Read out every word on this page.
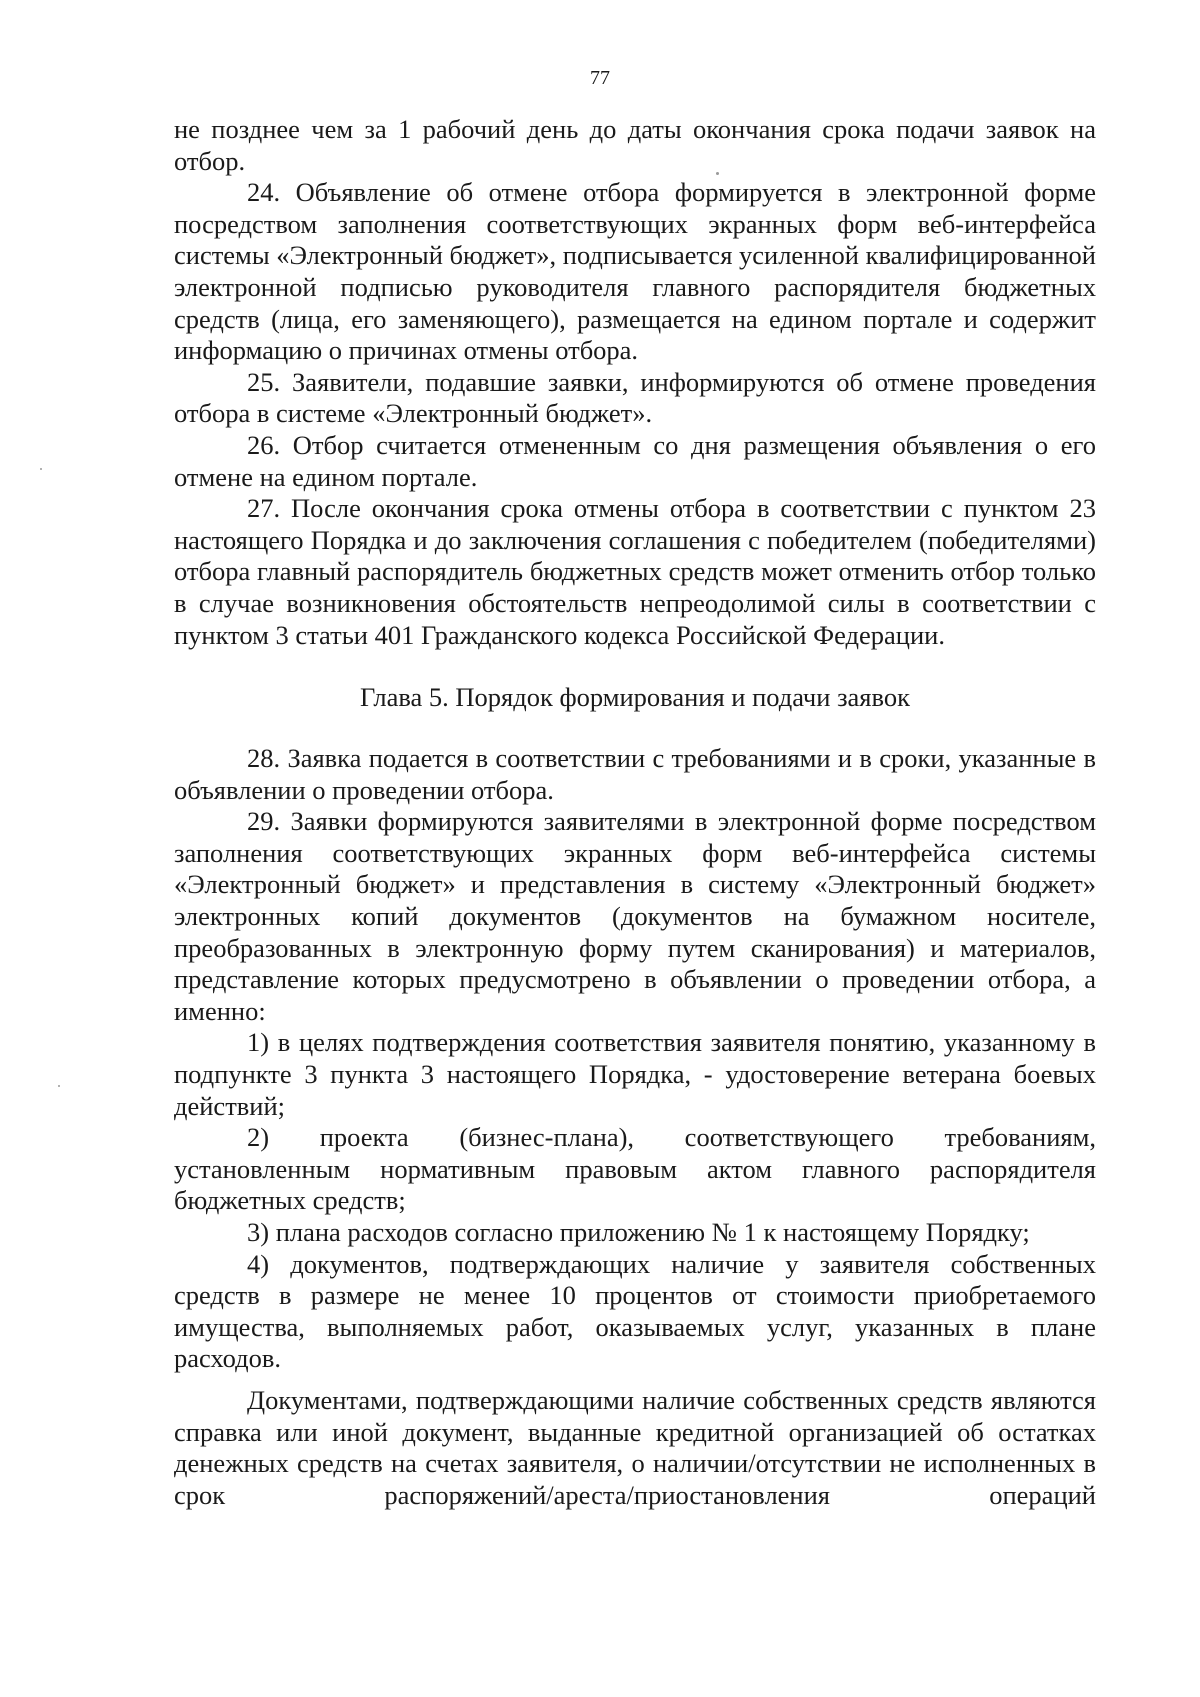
77

не позднее чем за 1 рабочий день до даты окончания срока подачи заявок на отбор.

24. Объявление об отмене отбора формируется в электронной форме посредством заполнения соответствующих экранных форм веб-интерфейса системы «Электронный бюджет», подписывается усиленной квалифицированной электронной подписью руководителя главного распорядителя бюджетных средств (лица, его заменяющего), размещается на едином портале и содержит информацию о причинах отмены отбора.

25. Заявители, подавшие заявки, информируются об отмене проведения отбора в системе «Электронный бюджет».

26. Отбор считается отмененным со дня размещения объявления о его отмене на едином портале.

27. После окончания срока отмены отбора в соответствии с пунктом 23 настоящего Порядка и до заключения соглашения с победителем (победителями) отбора главный распорядитель бюджетных средств может отменить отбор только в случае возникновения обстоятельств непреодолимой силы в соответствии с пунктом 3 статьи 401 Гражданского кодекса Российской Федерации.

Глава 5. Порядок формирования и подачи заявок

28. Заявка подается в соответствии с требованиями и в сроки, указанные в объявлении о проведении отбора.

29. Заявки формируются заявителями в электронной форме посредством заполнения соответствующих экранных форм веб-интерфейса системы «Электронный бюджет» и представления в систему «Электронный бюджет» электронных копий документов (документов на бумажном носителе, преобразованных в электронную форму путем сканирования) и материалов, представление которых предусмотрено в объявлении о проведении отбора, а именно:

1) в целях подтверждения соответствия заявителя понятию, указанному в подпункте 3 пункта 3 настоящего Порядка, - удостоверение ветерана боевых действий;

2) проекта (бизнес-плана), соответствующего требованиям, установленным нормативным правовым актом главного распорядителя бюджетных средств;

3) плана расходов согласно приложению № 1 к настоящему Порядку;

4) документов, подтверждающих наличие у заявителя собственных средств в размере не менее 10 процентов от стоимости приобретаемого имущества, выполняемых работ, оказываемых услуг, указанных в плане расходов.

Документами, подтверждающими наличие собственных средств являются справка или иной документ, выданные кредитной организацией об остатках денежных средств на счетах заявителя, о наличии/отсутствии не исполненных в срок распоряжений/ареста/приостановления операций
